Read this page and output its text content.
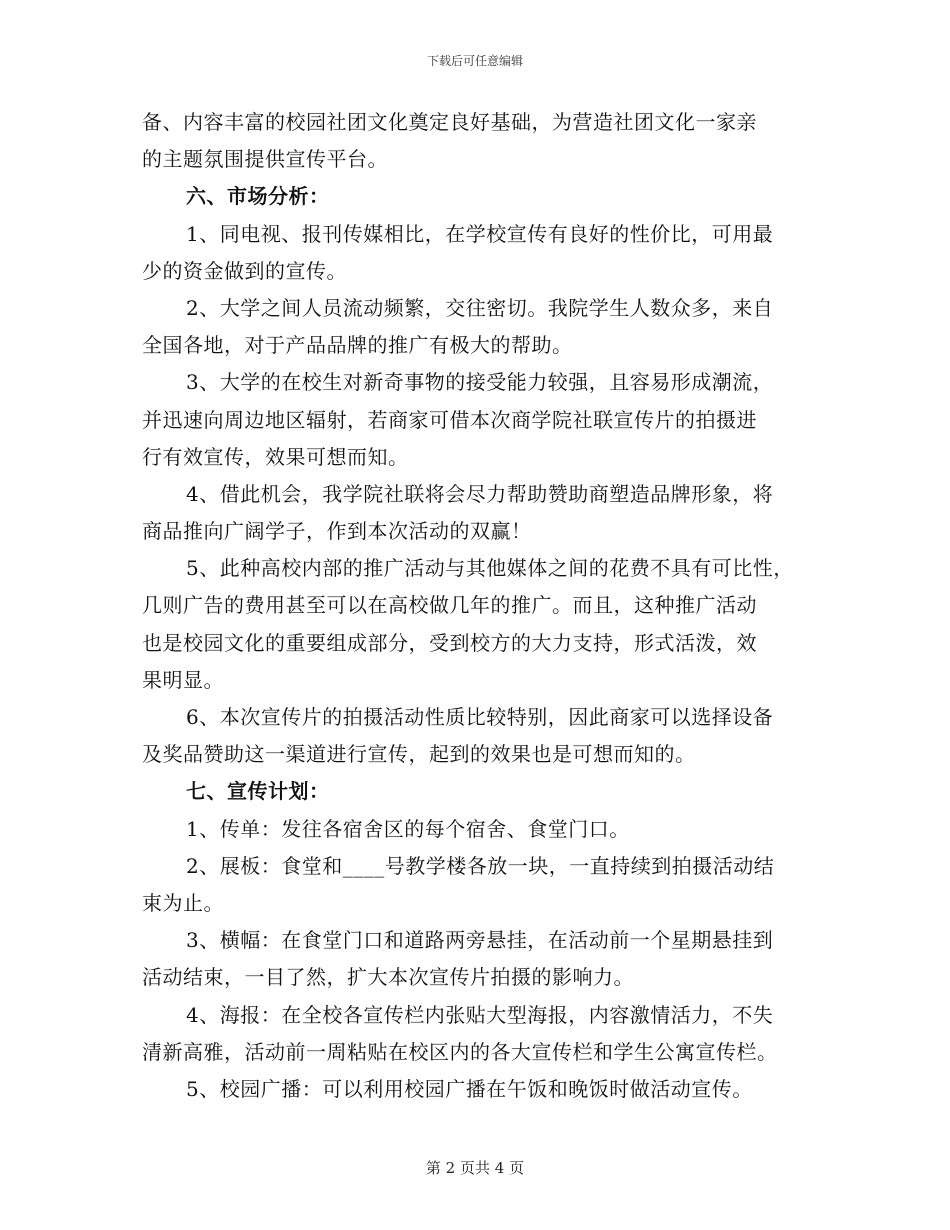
下载后可任意编辑
备、内容丰富的校园社团文化奠定良好基础，为营造社团文化一家亲
的主题氛围提供宣传平台。
六、市场分析：
1、同电视、报刊传媒相比，在学校宣传有良好的性价比，可用最
少的资金做到的宣传。
2、大学之间人员流动频繁，交往密切。我院学生人数众多，来自
全国各地，对于产品品牌的推广有极大的帮助。
3、大学的在校生对新奇事物的接受能力较强，且容易形成潮流，
并迅速向周边地区辐射，若商家可借本次商学院社联宣传片的拍摄进
行有效宣传，效果可想而知。
4、借此机会，我学院社联将会尽力帮助赞助商塑造品牌形象，将
商品推向广阔学子，作到本次活动的双赢！
5、此种高校内部的推广活动与其他媒体之间的花费不具有可比性，
几则广告的费用甚至可以在高校做几年的推广。而且，这种推广活动
也是校园文化的重要组成部分，受到校方的大力支持，形式活泼，效
果明显。
6、本次宣传片的拍摄活动性质比较特别，因此商家可以选择设备
及奖品赞助这一渠道进行宣传，起到的效果也是可想而知的。
七、宣传计划：
1、传单：发往各宿舍区的每个宿舍、食堂门口。
2、展板：食堂和____号教学楼各放一块，一直持续到拍摄活动结
束为止。
3、横幅：在食堂门口和道路两旁悬挂，在活动前一个星期悬挂到
活动结束，一目了然，扩大本次宣传片拍摄的影响力。
4、海报：在全校各宣传栏内张贴大型海报，内容激情活力，不失
清新高雅，活动前一周粘贴在校区内的各大宣传栏和学生公寓宣传栏。
5、校园广播：可以利用校园广播在午饭和晚饭时做活动宣传。
第 2 页共 4 页
